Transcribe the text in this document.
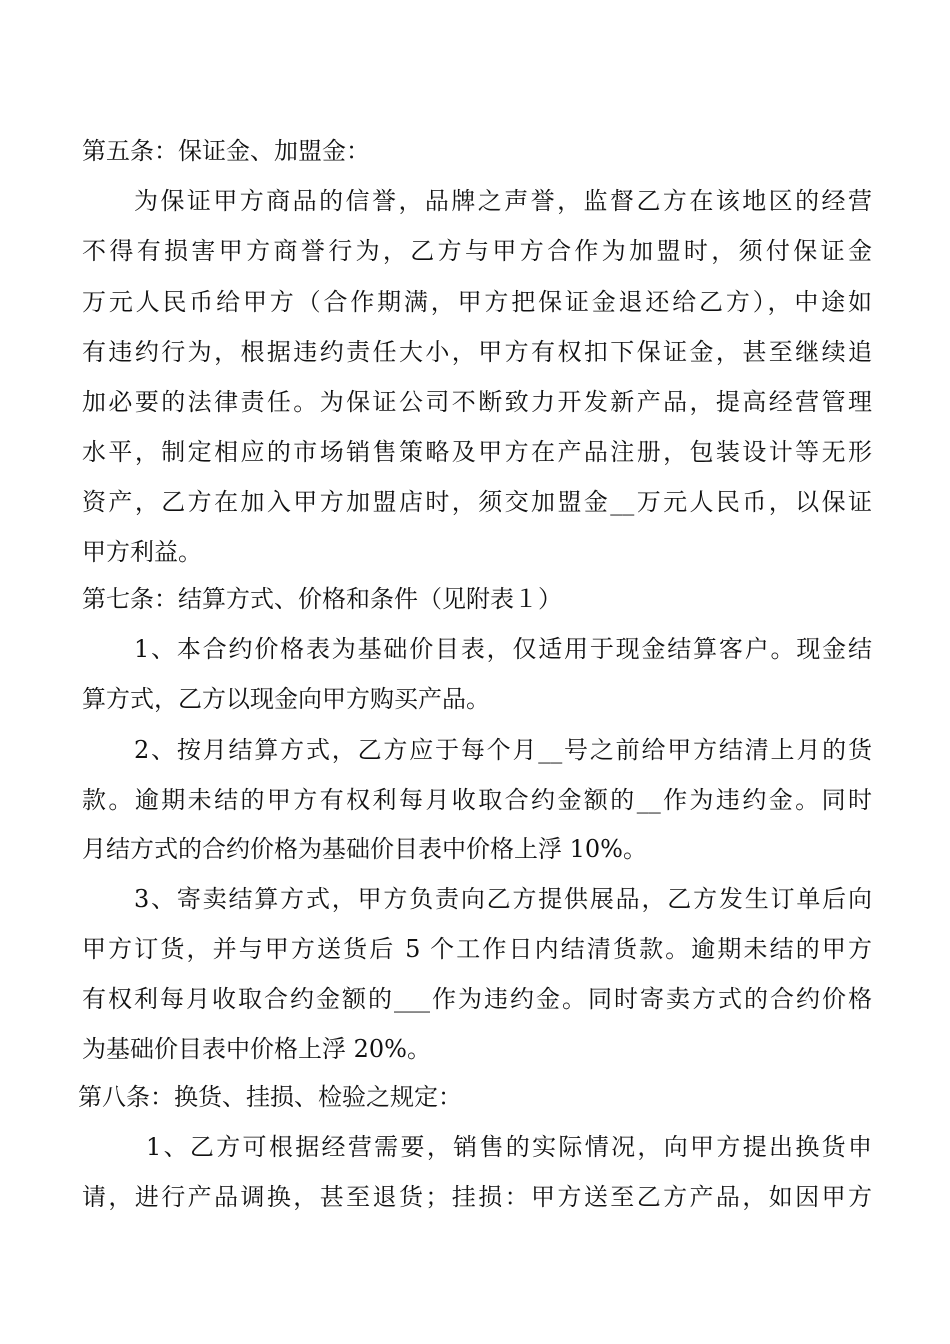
第五条：保证金、加盟金：
为保证甲方商品的信誉，品牌之声誉，监督乙方在该地区的经营
不得有损害甲方商誉行为，乙方与甲方合作为加盟时，须付保证金
万元人民币给甲方（合作期满，甲方把保证金退还给乙方），中途如
有违约行为，根据违约责任大小，甲方有权扣下保证金，甚至继续追
加必要的法律责任。为保证公司不断致力开发新产品，提高经营管理
水平，制定相应的市场销售策略及甲方在产品注册，包装设计等无形
资产，乙方在加入甲方加盟店时，须交加盟金__万元人民币，以保证
甲方利益。
第七条：结算方式、价格和条件（见附表１）
1、本合约价格表为基础价目表，仅适用于现金结算客户。现金结
算方式，乙方以现金向甲方购买产品。
2、按月结算方式，乙方应于每个月__号之前给甲方结清上月的货
款。逾期未结的甲方有权利每月收取合约金额的__作为违约金。同时
月结方式的合约价格为基础价目表中价格上浮 10%。
3、寄卖结算方式，甲方负责向乙方提供展品，乙方发生订单后向
甲方订货，并与甲方送货后 5 个工作日内结清货款。逾期未结的甲方
有权利每月收取合约金额的___作为违约金。同时寄卖方式的合约价格
为基础价目表中价格上浮 20%。
第八条：换货、挂损、检验之规定：
1、乙方可根据经营需要，销售的实际情况，向甲方提出换货申
请，进行产品调换，甚至退货；挂损：甲方送至乙方产品，如因甲方
